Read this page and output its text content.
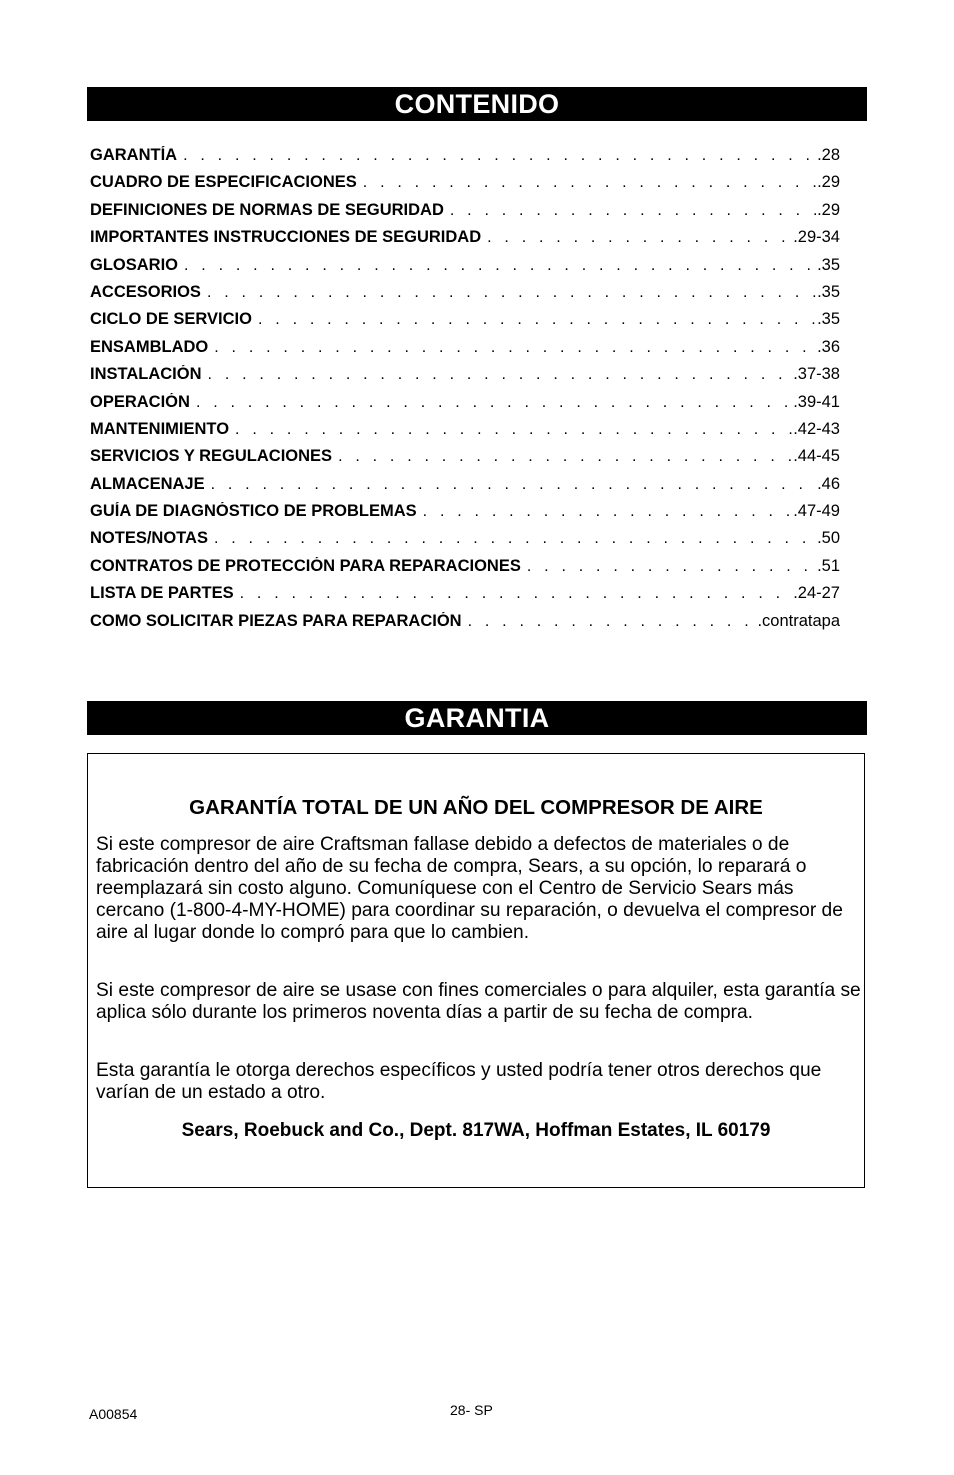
CONTENIDO
GARANTÍA . . .	.28
CUADRO DE ESPECIFICACIONES . . .	.29
DEFINICIONES DE NORMAS DE SEGURIDAD . . .	.29
IMPORTANTES INSTRUCCIONES DE SEGURIDAD . . .	.29-34
GLOSARIO . . .	.35
ACCESORIOS . . .	.35
CICLO DE SERVICIO . . .	.35
ENSAMBLADO . . .	.36
INSTALACIÓN . . .	.37-38
OPERACIÓN . . .	.39-41
MANTENIMIENTO . . .	.42-43
SERVICIOS Y REGULACIONES . . .	.44-45
ALMACENAJE . . .	.46
GUÍA DE DIAGNÓSTICO DE PROBLEMAS . . .	.47-49
NOTES/NOTAS . . .	.50
CONTRATOS DE PROTECCIÓN PARA REPARACIONES . . .	.51
LISTA DE PARTES . . .	.24-27
COMO SOLICITAR PIEZAS PARA REPARACIÓN . . .	.contratapa
GARANTIA
GARANTÍA TOTAL DE UN AÑO DEL COMPRESOR DE AIRE
Si este compresor de aire Craftsman fallase debido a defectos de materiales o de fabricación dentro del año de su fecha de compra, Sears, a su opción, lo reparará o reemplazará sin costo alguno. Comuníquese con el Centro de Servicio Sears más cercano (1-800-4-MY-HOME) para coordinar su reparación, o devuelva el compresor de aire al lugar donde lo compró para que lo cambien.
Si este compresor de aire se usase con fines comerciales o para alquiler, esta garantía se aplica sólo durante los primeros noventa días a partir de su fecha de compra.
Esta garantía le otorga derechos específicos y usted podría tener otros derechos que varían de un estado a otro.
Sears, Roebuck and Co., Dept. 817WA, Hoffman Estates, IL 60179
A00854	28- SP
